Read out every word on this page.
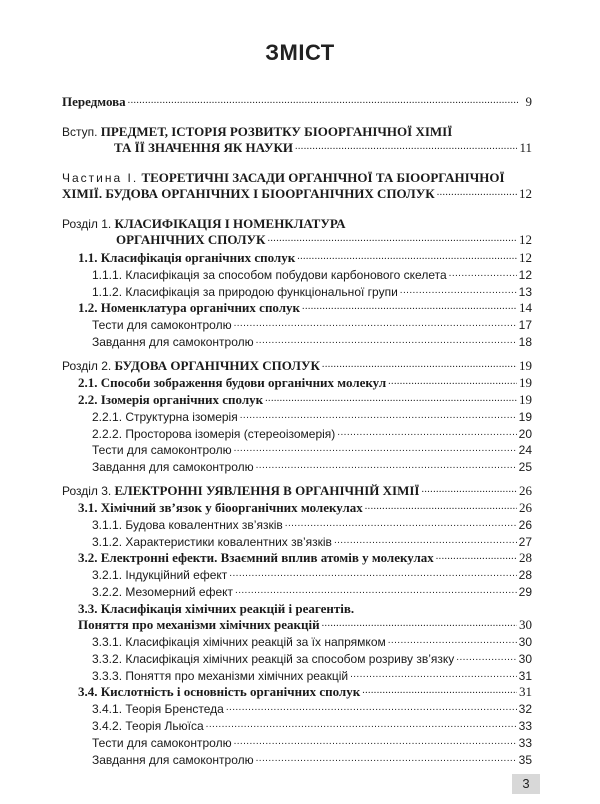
ЗМІСТ
Передмова .....	9
Вступ. ПРЕДМЕТ, ІСТОРІЯ РОЗВИТКУ БІООРГАНІЧНОЇ ХІМІЇ
ТА ЇЇ ЗНАЧЕННЯ ЯК НАУКИ .....	11
Частина І. ТЕОРЕТИЧНІ ЗАСАДИ ОРГАНІЧНОЇ ТА БІООРГАНІЧНОЇ
ХІМІЇ. БУДОВА ОРГАНІЧНИХ І БІООРГАНІЧНИХ СПОЛУК .....	12
Розділ 1. КЛАСИФІКАЦІЯ І НОМЕНКЛАТУРА
ОРГАНІЧНИХ СПОЛУК .....	12
1.1. Класифікація органічних сполук .....	12
1.1.1. Класифікація за способом побудови карбонового скелета .....	12
1.1.2. Класифікація за природою функціональної групи .....	13
1.2. Номенклатура органічних сполук .....	14
Тести для самоконтролю .....	17
Завдання для самоконтролю .....	18
Розділ 2. БУДОВА ОРГАНІЧНИХ СПОЛУК .....	19
2.1. Способи зображення будови органічних молекул .....	19
2.2. Ізомерія органічних сполук .....	19
2.2.1. Структурна ізомерія .....	19
2.2.2. Просторова ізомерія (стереоізомерія) .....	20
Тести для самоконтролю .....	24
Завдання для самоконтролю .....	25
Розділ 3. ЕЛЕКТРОННІ УЯВЛЕННЯ В ОРГАНІЧНІЙ ХІМІЇ .....	26
3.1. Хімічний зв’язок у біоорганічних молекулах .....	26
3.1.1. Будова ковалентних зв’язків .....	26
3.1.2. Характеристики ковалентних зв’язків .....	27
3.2. Електронні ефекти. Взаємний вплив атомів у молекулах .....	28
3.2.1. Індукційний ефект .....	28
3.2.2. Мезомерний ефект .....	29
3.3. Класифікація хімічних реакцій і реагентів.
Поняття про механізми хімічних реакцій .....	30
3.3.1. Класифікація хімічних реакцій за їх напрямком .....	30
3.3.2. Класифікація хімічних реакцій за способом розриву зв’язку .....	30
3.3.3. Поняття про механізми хімічних реакцій .....	31
3.4. Кислотність і основність органічних сполук .....	31
3.4.1. Теорія Бренстеда .....	32
3.4.2. Теорія Льюїса .....	33
Тести для самоконтролю .....	33
Завдання для самоконтролю .....	35
3
